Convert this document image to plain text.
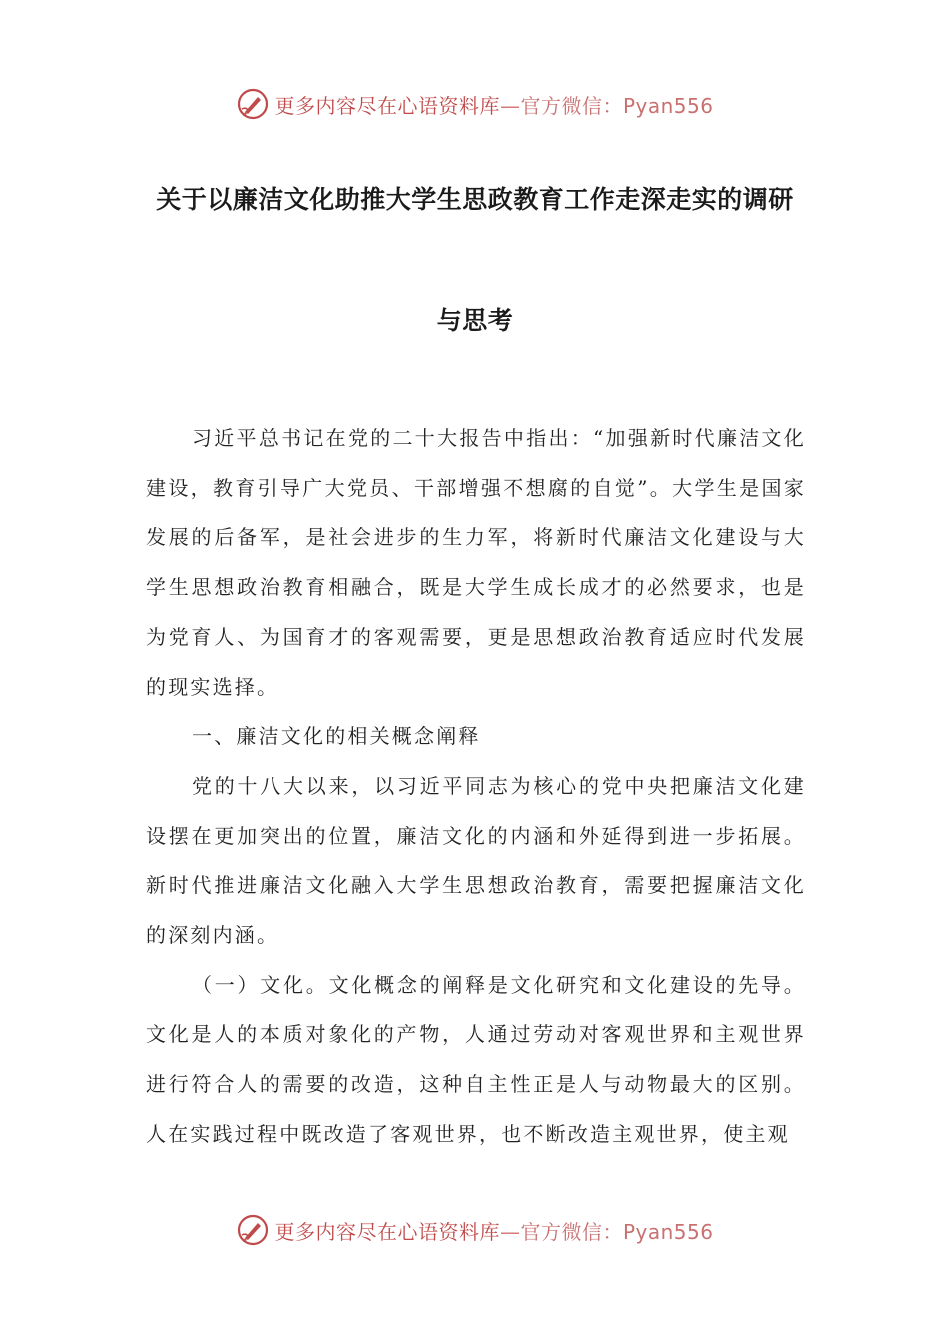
更多内容尽在心语资料库—官方微信：Pyan556
关于以廉洁文化助推大学生思政教育工作走深走实的调研
与思考

习近平总书记在党的二十大报告中指出：“加强新时代廉洁文化建设，教育引导广大党员、干部增强不想腐的自觉”。大学生是国家发展的后备军，是社会进步的生力军，将新时代廉洁文化建设与大学生思想政治教育相融合，既是大学生成长成才的必然要求，也是为党育人、为国育才的客观需要，更是思想政治教育适应时代发展的现实选择。

一、廉洁文化的相关概念阐释

党的十八大以来，以习近平同志为核心的党中央把廉洁文化建设摆在更加突出的位置，廉洁文化的内涵和外延得到进一步拓展。新时代推进廉洁文化融入大学生思想政治教育，需要把握廉洁文化的深刻内涵。

（一）文化。文化概念的阐释是文化研究和文化建设的先导。文化是人的本质对象化的产物，人通过劳动对客观世界和主观世界进行符合人的需要的改造，这种自主性正是人与动物最大的区别。人在实践过程中既改造了客观世界，也不断改造主观世界，使主观

更多内容尽在心语资料库—官方微信：Pyan556
